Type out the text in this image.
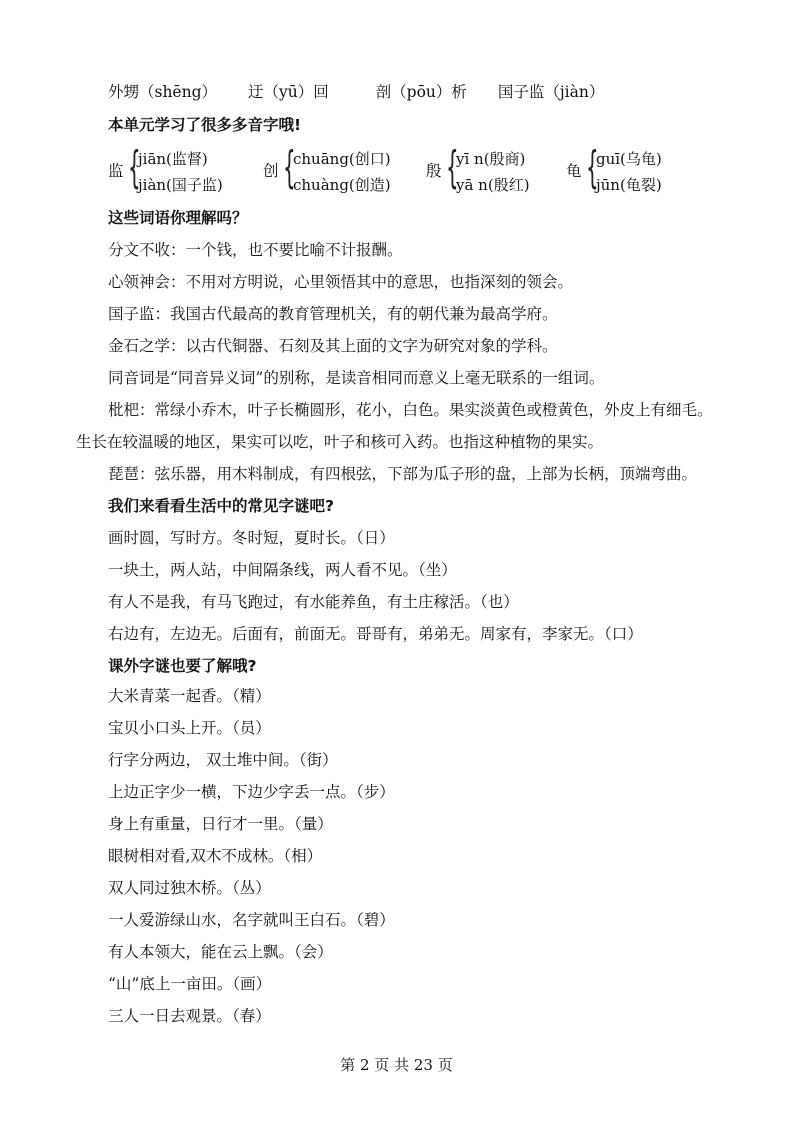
外甥（shēng） 迂（yū）回	剖（pōu）析 国子监（jiàn）
本单元学习了很多多音字哦!
监 {
jiān(监督)
jiàn(国子监)
创 {
chuāng(创口)
chuàng(创造)
殷 {
yī n(殷商)
yā n(殷红)
龟 {
guī(乌龟)
jūn(龟裂)
这些词语你理解吗？
分文不收：一个钱，也不要比喻不计报酬。
心领神会：不用对方明说，心里领悟其中的意思，也指深刻的领会。
国子监：我国古代最高的教育管理机关，有的朝代兼为最高学府。
金石之学：以古代铜器、石刻及其上面的文字为研究对象的学科。
同音词是“同音异义词”的别称，是读音相同而意义上毫无联系的一组词。
枇杷：常绿小乔木，叶子长椭圆形，花小，白色。果实淡黄色或橙黄色，外皮上有细毛。
生长在较温暖的地区，果实可以吃，叶子和核可入药。也指这种植物的果实。
琵琶：弦乐器，用木料制成，有四根弦，下部为瓜子形的盘，上部为长柄，顶端弯曲。
我们来看看生活中的常见字谜吧?
画时圆，写时方。冬时短，夏时长。（日）
一块土，两人站，中间隔条线，两人看不见。（坐）
有人不是我，有马飞跑过，有水能养鱼，有土庄稼活。（也）
右边有，左边无。后面有，前面无。哥哥有，弟弟无。周家有，李家无。（口）
课外字谜也要了解哦?
大米青菜一起香。（精）
宝贝小口头上开。（员）
行字分两边， 双土堆中间。（街）
上边正字少一横，下边少字丢一点。（步）
身上有重量，日行才一里。（量）
眼树相对看,双木不成林。（相）
双人同过独木桥。（丛）
一人爱游绿山水，名字就叫王白石。（碧）
有人本领大，能在云上飘。（会）
“山”底上一亩田。（画）
三人一日去观景。（春）
第 2 页 共 23 页
